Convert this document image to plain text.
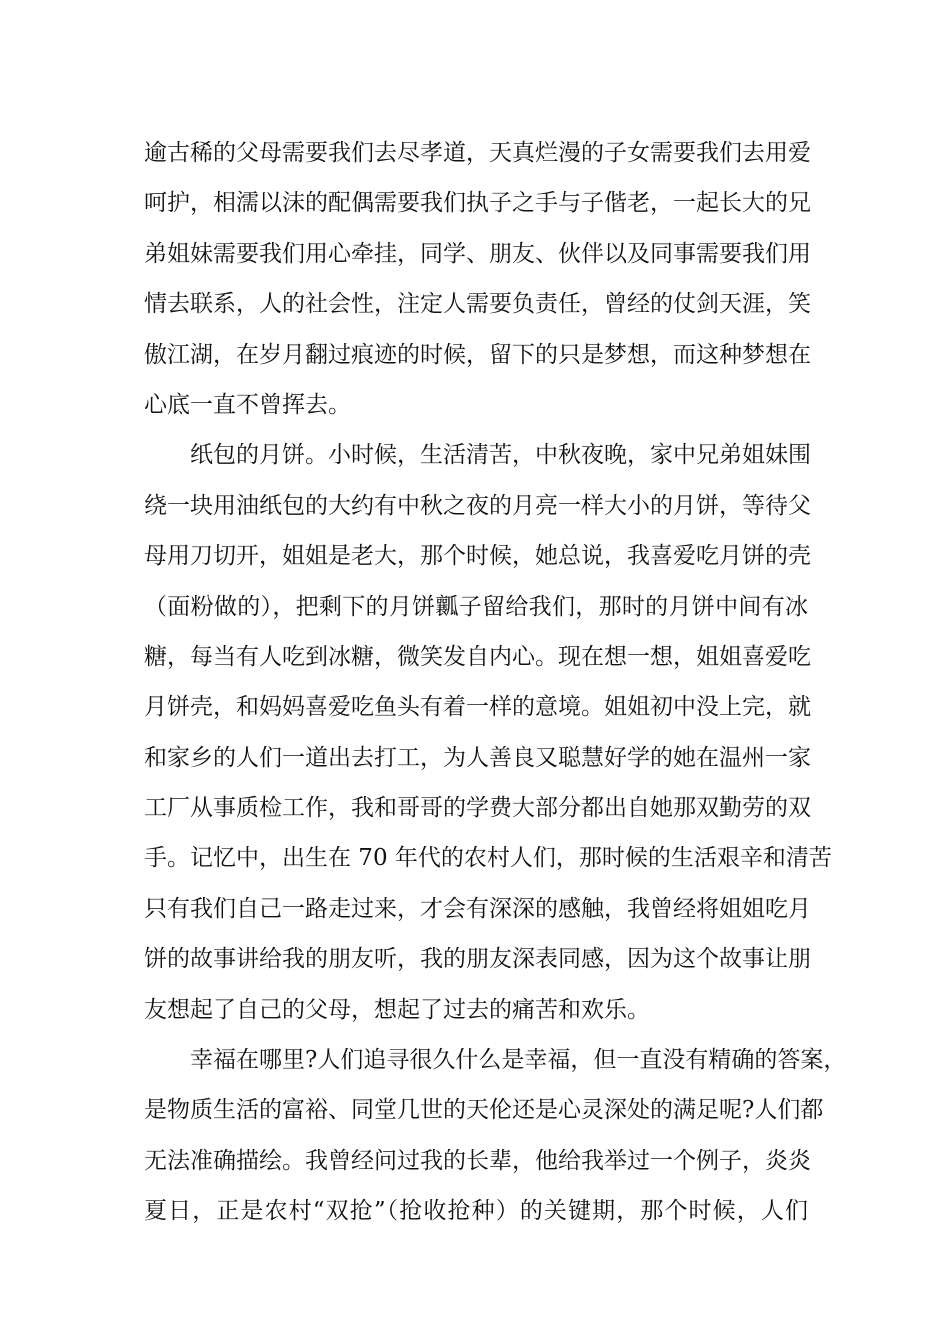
逾古稀的父母需要我们去尽孝道，天真烂漫的子女需要我们去用爱
呵护，相濡以沫的配偶需要我们执子之手与子偕老，一起长大的兄
弟姐妹需要我们用心牵挂，同学、朋友、伙伴以及同事需要我们用
情去联系，人的社会性，注定人需要负责任，曾经的仗剑天涯，笑
傲江湖，在岁月翻过痕迹的时候，留下的只是梦想，而这种梦想在
心底一直不曾挥去。
纸包的月饼。小时候，生活清苦，中秋夜晚，家中兄弟姐妹围
绕一块用油纸包的大约有中秋之夜的月亮一样大小的月饼，等待父
母用刀切开，姐姐是老大，那个时候，她总说，我喜爱吃月饼的壳
（面粉做的），把剩下的月饼瓤子留给我们，那时的月饼中间有冰
糖，每当有人吃到冰糖，微笑发自内心。现在想一想，姐姐喜爱吃
月饼壳，和妈妈喜爱吃鱼头有着一样的意境。姐姐初中没上完，就
和家乡的人们一道出去打工，为人善良又聪慧好学的她在温州一家
工厂从事质检工作，我和哥哥的学费大部分都出自她那双勤劳的双
手。记忆中，出生在 70 年代的农村人们，那时候的生活艰辛和清苦
只有我们自己一路走过来，才会有深深的感触，我曾经将姐姐吃月
饼的故事讲给我的朋友听，我的朋友深表同感，因为这个故事让朋
友想起了自己的父母，想起了过去的痛苦和欢乐。
幸福在哪里?人们追寻很久什么是幸福，但一直没有精确的答案，
是物质生活的富裕、同堂几世的天伦还是心灵深处的满足呢?人们都
无法准确描绘。我曾经问过我的长辈，他给我举过一个例子，炎炎
夏日，正是农村“双抢”（抢收抢种）的关键期，那个时候，人们
